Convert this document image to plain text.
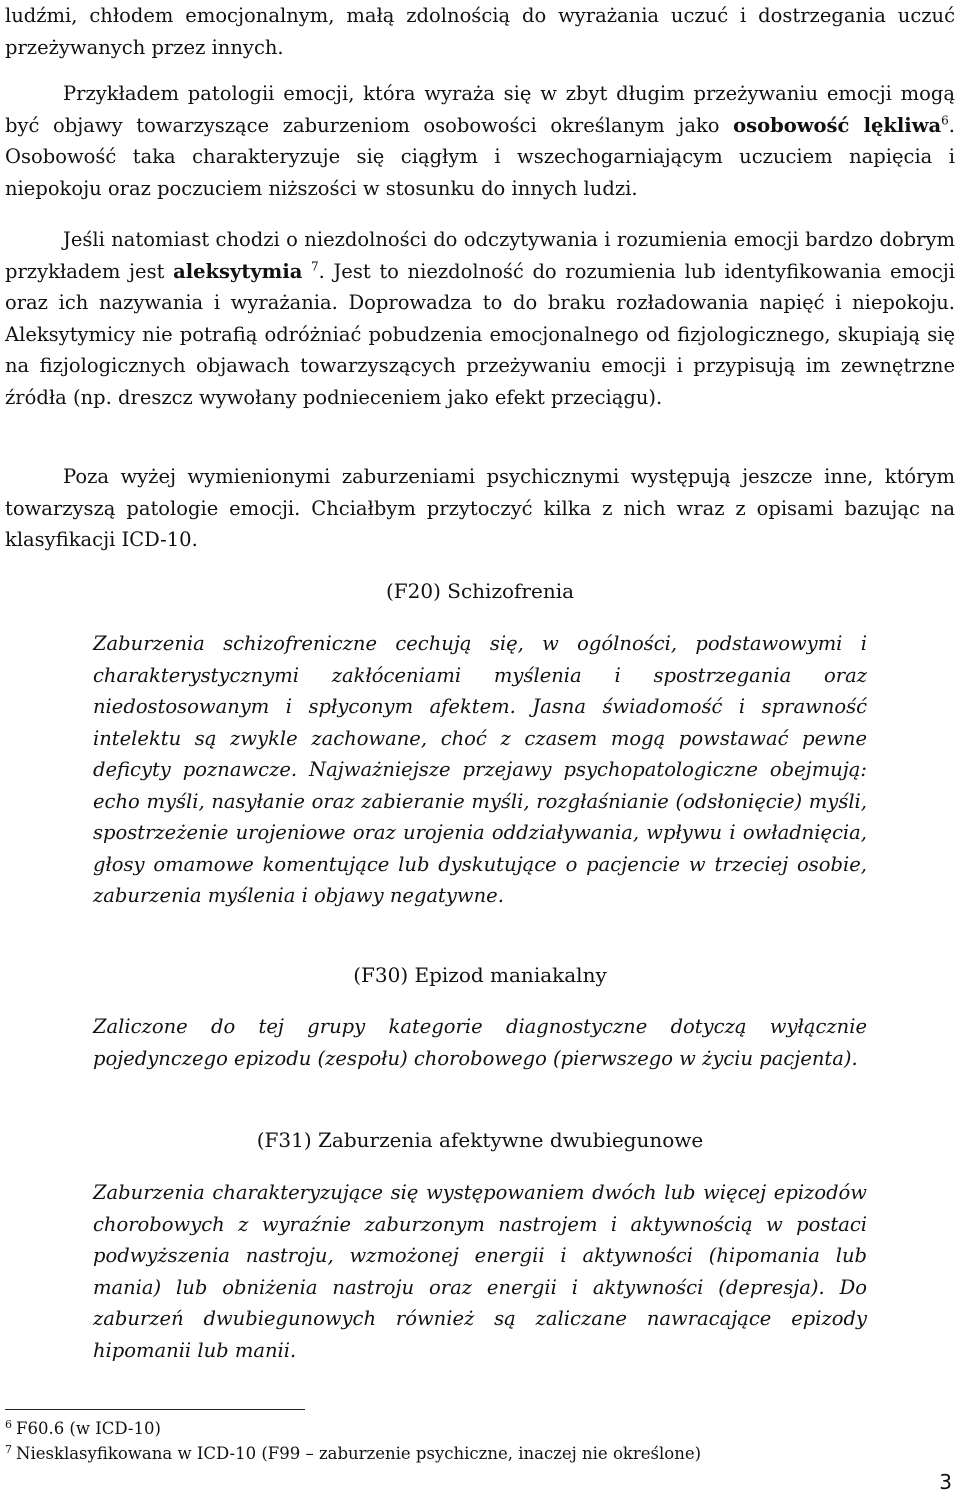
ludźmi, chłodem emocjonalnym, małą zdolnością do wyrażania uczuć i dostrzegania uczuć przeżywanych przez innych.

Przykładem patologii emocji, która wyraża się w zbyt długim przeżywaniu emocji mogą być objawy towarzyszące zaburzeniom osobowości określanym jako osobowość lękliwa$^6$. Osobowość taka charakteryzuje się ciągłym i wszechogarniającym uczuciem napięcia i niepokoju oraz poczuciem niższości w stosunku do innych ludzi.

Jeśli natomiast chodzi o niezdolności do odczytywania i rozumienia emocji bardzo dobrym przykładem jest aleksytymia $^7$. Jest to niezdolność do rozumienia lub identyfikowania emocji oraz ich nazywania i wyrażania. Doprowadza to do braku rozładowania napięć i niepokoju. Aleksytymicy nie potrafią odróżniać pobudzenia emocjonalnego od fizjologicznego, skupiają się na fizjologicznych objawach towarzyszących przeżywaniu emocji i przypisują im zewnętrzne źródła (np. dreszcz wywołany podnieceniem jako efekt przeciągu).

Poza wyżej wymienionymi zaburzeniami psychicznymi występują jeszcze inne, którym towarzyszą patologie emocji. Chciałbym przytoczyć kilka z nich wraz z opisami bazując na klasyfikacji ICD-10.

(F20) Schizofrenia

Zaburzenia schizofreniczne cechują się, w ogólności, podstawowymi i charakterystycznymi zakłóceniami myślenia i spostrzegania oraz niedostosowanym i spłyconym afektem. Jasna świadomość i sprawność intelektu są zwykle zachowane, choć z czasem mogą powstawać pewne deficyty poznawcze. Najważniejsze przejawy psychopatologiczne obejmują: echo myśli, nasyłanie oraz zabieranie myśli, rozgłaśnianie (odsłonięcie) myśli, spostrzeżenie urojeniowe oraz urojenia oddziaływania, wpływu i owładnięcia, głosy omamowe komentujące lub dyskutujące o pacjencie w trzeciej osobie, zaburzenia myślenia i objawy negatywne.

(F30) Epizod maniakalny

Zaliczone do tej grupy kategorie diagnostyczne dotyczą wyłącznie pojedynczego epizodu (zespołu) chorobowego (pierwszego w życiu pacjenta).

(F31) Zaburzenia afektywne dwubiegunowe

Zaburzenia charakteryzujące się występowaniem dwóch lub więcej epizodów chorobowych z wyraźnie zaburzonym nastrojem i aktywnością w postaci podwyższenia nastroju, wzmożonej energii i aktywności (hipomania lub mania) lub obniżenia nastroju oraz energii i aktywności (depresja). Do zaburzeń dwubiegunowych również są zaliczane nawracające epizody hipomanii lub manii.

$^6$ F60.6 (w ICD-10)

$^7$ Niesklasyfikowana w ICD-10 (F99 – zaburzenie psychiczne, inaczej nie określone)

3
